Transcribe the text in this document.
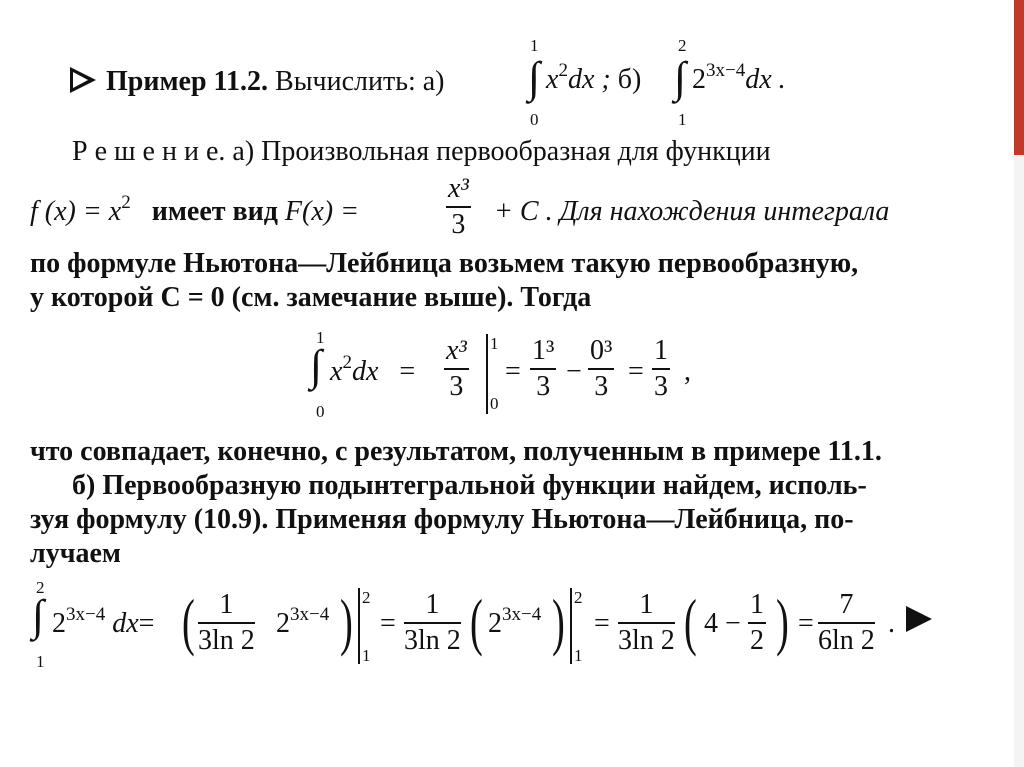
Пример 11.2. Вычислить: а)
1
∫
0
$x^2dx$ ; б)
2
∫
1
$2^{3x-4}dx$ .
Р е ш е н и е. а) Произвольная первообразная для функции
f $(x) = x^2$ имеет вид F(x) =	$\frac{\text{x³}}{3} + C$ . Для нахождения интеграла
по формуле Ньютона—Лейбница возьмем такую первообразную,
у которой C = 0 (см. замечание выше). Тогда
1
∫
0
$x^2dx = \frac{\text{x³}}{3} 1$
0
= $\frac{\text{1³}}{3} - \frac{\text{0³}}{3} = \frac{1}{3}$ ,
что совпадает, конечно, с результатом, полученным в примере 11.1.
б) Первообразную подынтегральной функции найдем, исполь-
зуя формулу (10.9). Применяя формулу Ньютона—Лейбница, по-
лучаем
2
∫
1
$2^{3x-4}$ dx= ( $\frac{1}{3\ln 2} 2^{3x-4}$ ) 2
1
= $\frac{1}{3\ln 2}$ ( $2^{3x-4}$ ) 2
1
= $\frac{1}{3\ln 2}$ ( $4 - \frac{1}{2}$ ) = $\frac{7}{6\ln 2}$ .
